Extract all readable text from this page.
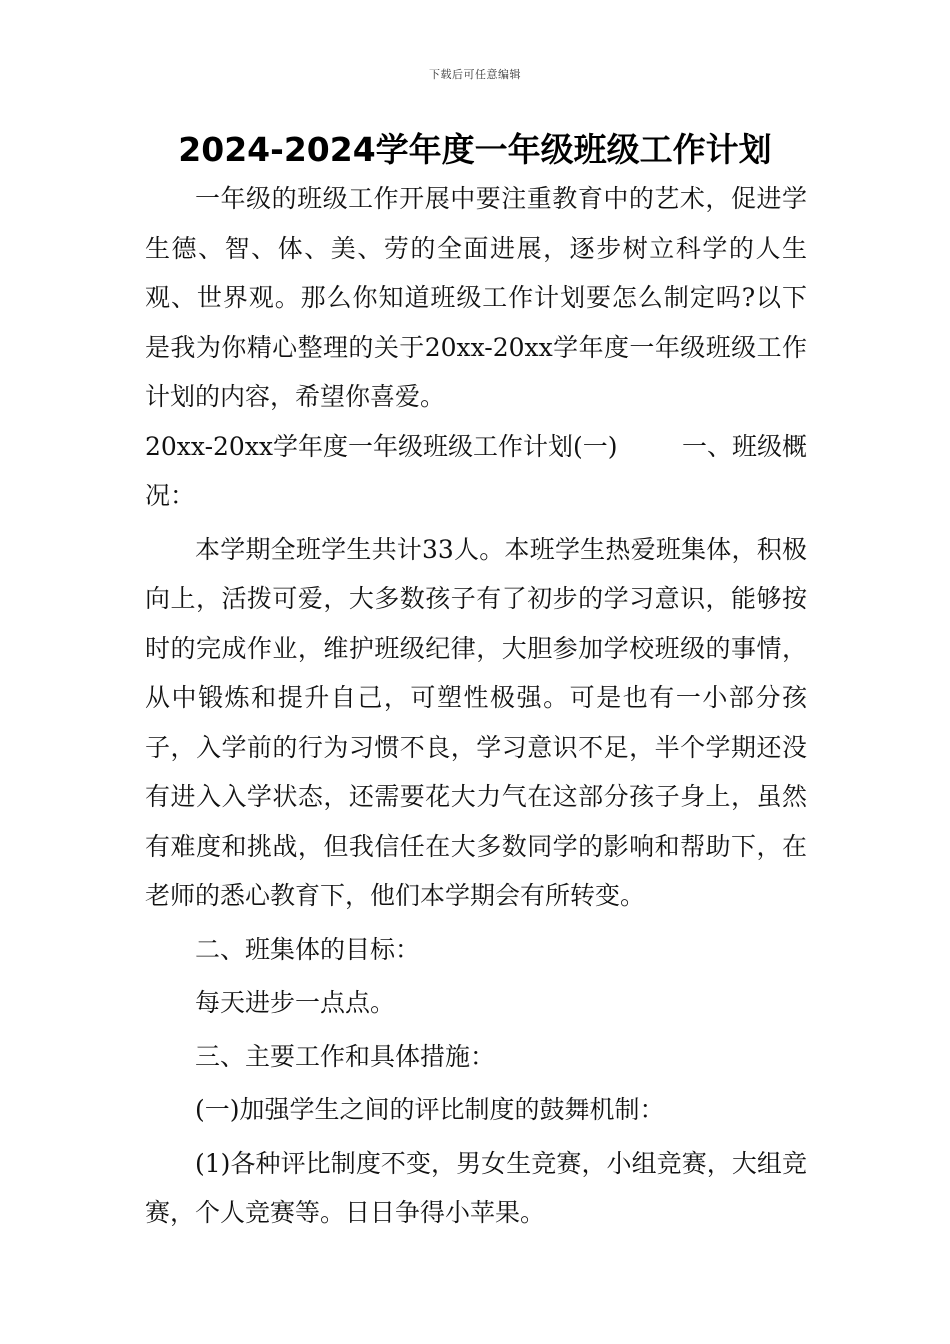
下载后可任意编辑
2024-2024学年度一年级班级工作计划

一年级的班级工作开展中要注重教育中的艺术，促进学生德、智、体、美、劳的全面进展，逐步树立科学的人生观、世界观。那么你知道班级工作计划要怎么制定吗?以下是我为你精心整理的关于20xx-20xx学年度一年级班级工作计划的内容，希望你喜爱。

20xx-20xx学年度一年级班级工作计划(一)	一、班级概

况：

本学期全班学生共计33人。本班学生热爱班集体，积极向上，活拨可爱，大多数孩子有了初步的学习意识，能够按时的完成作业，维护班级纪律，大胆参加学校班级的事情，从中锻炼和提升自己，可塑性极强。可是也有一小部分孩子，入学前的行为习惯不良，学习意识不足，半个学期还没有进入入学状态，还需要花大力气在这部分孩子身上，虽然有难度和挑战，但我信任在大多数同学的影响和帮助下，在老师的悉心教育下，他们本学期会有所转变。

二、班集体的目标：

每天进步一点点。

三、主要工作和具体措施：

(一)加强学生之间的评比制度的鼓舞机制：

(1)各种评比制度不变，男女生竞赛，小组竞赛，大组竞赛，个人竞赛等。日日争得小苹果。
